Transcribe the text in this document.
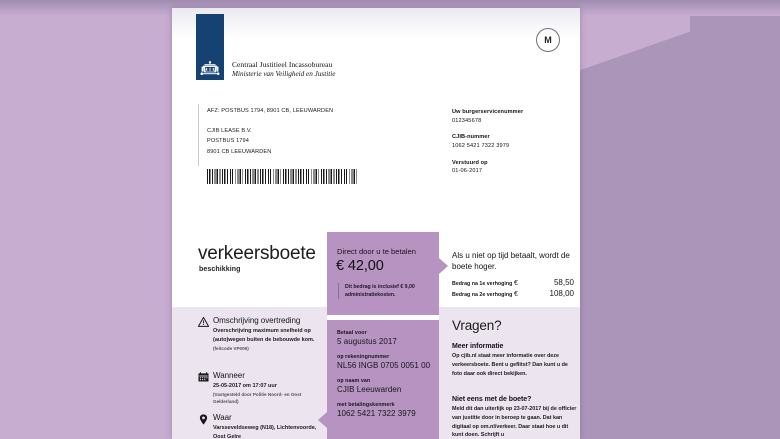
Centraal Justitieel Incassobureau
Ministerie van Veiligheid en Justitie
M
AFZ: POSTBUS 1794, 8901 CB, LEEUWARDEN
CJIB LEASE B.V.
POSTBUS 1794
8901 CB LEEUWARDEN
Uw burgerservicenummer
012345678
CJIB-nummer
1062 5421 7322 3979
Verstuurd op
01-06-2017
verkeersboete
beschikking
Direct door u te betalen
€ 42,00
Dit bedrag is inclusief € 9,00 administratiekosten.
Betaal voor
5 augustus 2017
op rekeningnummer
NL56 INGB 0705 0051 00
op naam van
CJIB Leeuwarden
met betalingskenmerk
1062 5421 7322 3979
Als u niet op tijd betaalt, wordt de boete hoger.
Bedrag na 1e verhoging €	58,50
Bedrag na 2e verhoging €	108,00
Omschrijving overtreding
Overschrijving maximum snelheid op (auto)wegen buiten de bebouwde kom.
(feitcode VP006)
Wanneer
25-05-2017 om 17:07 uur
(Vastgesteld door Politie Noord- en Oost Gelderland)
Waar
Varsseveldseweg (N18), Lichtenvoorde, Oost Gelre
Vragen?
Meer informatie
Op cjib.nl staat meer informatie over deze verkeersboete. Bent u geflitst? Dan kunt u de foto daar ook direct bekijken.
Niet eens met de boete?
Meld dit dan uiterlijk op 23-07-2017 bij de officier van justitie door in beroep te gaan. Dat kan digitaal op om.nl/verkeer. Daar staat hoe u dit kunt doen. Schrijft u
